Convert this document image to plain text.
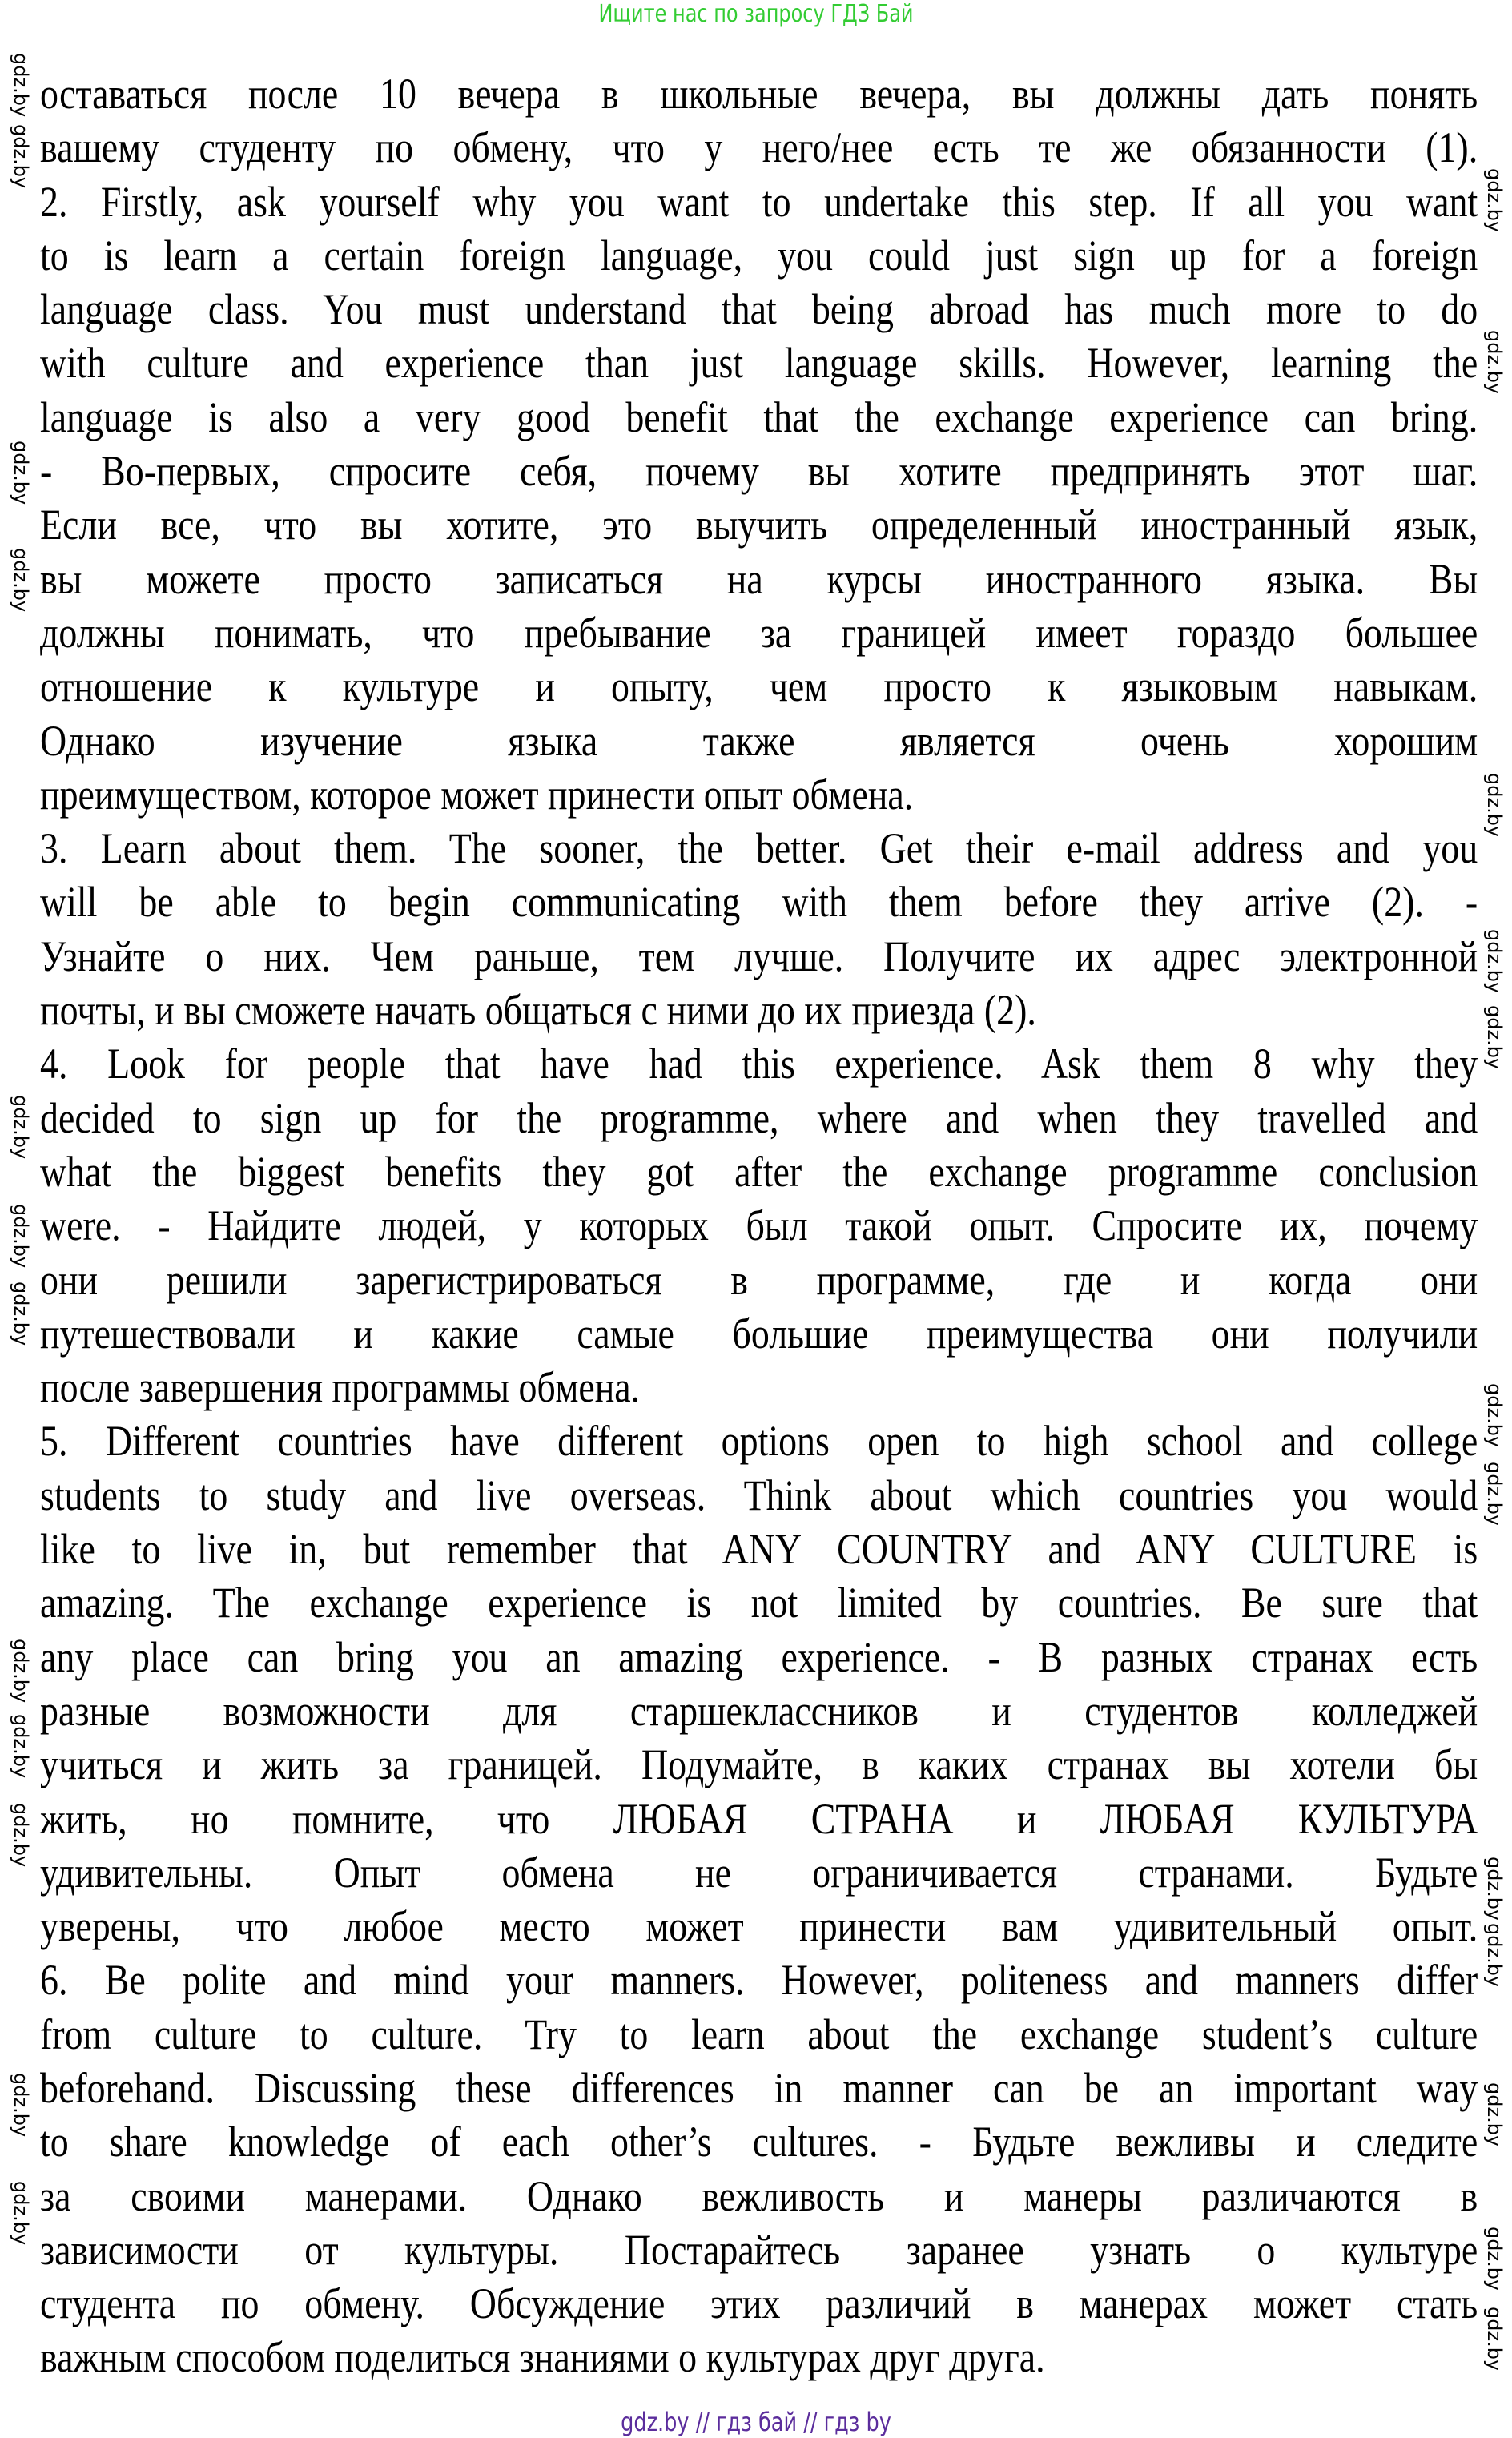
Ищите нас по запросу ГДЗ Бай
оставаться после 10 вечера в школьные вечера, вы должны дать понять
вашему студенту по обмену, что у него/нее есть те же обязанности (1).
2. Firstly, ask yourself why you want to undertake this step. If all you want
to is learn a certain foreign language, you could just sign up for a foreign
language class. You must understand that being abroad has much more to do
with culture and experience than just language skills. However, learning the
language is also a very good benefit that the exchange experience can bring.
- Во-первых, спросите себя, почему вы хотите предпринять этот шаг.
Если все, что вы хотите, это выучить определенный иностранный язык,
вы можете просто записаться на курсы иностранного языка. Вы
должны понимать, что пребывание за границей имеет гораздо большее
отношение к культуре и опыту, чем просто к языковым навыкам.
Однако изучение языка также является очень хорошим
преимуществом, которое может принести опыт обмена.
3. Learn about them. The sooner, the better. Get their e-mail address and you
will be able to begin communicating with them before they arrive (2). -
Узнайте о них. Чем раньше, тем лучше. Получите их адрес электронной
почты, и вы сможете начать общаться с ними до их приезда (2).
4. Look for people that have had this experience. Ask them 8 why they
decided to sign up for the programme, where and when they travelled and
what the biggest benefits they got after the exchange programme conclusion
were. - Найдите людей, у которых был такой опыт. Спросите их, почему
они решили зарегистрироваться в программе, где и когда они
путешествовали и какие самые большие преимущества они получили
после завершения программы обмена.
5. Different countries have different options open to high school and college
students to study and live overseas. Think about which countries you would
like to live in, but remember that ANY COUNTRY and ANY CULTURE is
amazing. The exchange experience is not limited by countries. Be sure that
any place can bring you an amazing experience. - В разных странах есть
разные возможности для старшеклассников и студентов колледжей
учиться и жить за границей. Подумайте, в каких странах вы хотели бы
жить, но помните, что ЛЮБАЯ СТРАНА и ЛЮБАЯ КУЛЬТУРА
удивительны. Опыт обмена не ограничивается странами. Будьте
уверены, что любое место может принести вам удивительный опыт.
6. Be polite and mind your manners. However, politeness and manners differ
from culture to culture. Try to learn about the exchange student’s culture
beforehand. Discussing these differences in manner can be an important way
to share knowledge of each other’s cultures. - Будьте вежливы и следите
за своими манерами. Однако вежливость и манеры различаются в
зависимости от культуры. Постарайтесь заранее узнать о культуре
студента по обмену. Обсуждение этих различий в манерах может стать
важным способом поделиться знаниями о культурах друг друга.
gdz.by
gdz.by
gdz.by
gdz.by
gdz.by
gdz.by
gdz.by
gdz.by
gdz.by
gdz.by
gdz.by
gdz.by
gdz.by
gdz.by
gdz.by
gdz.by
gdz.by
gdz.by
gdz.by
gdz.by
gdz.by
gdz.by
gdz.by
gdz.by
gdz.by // гдз бай // гдз by
